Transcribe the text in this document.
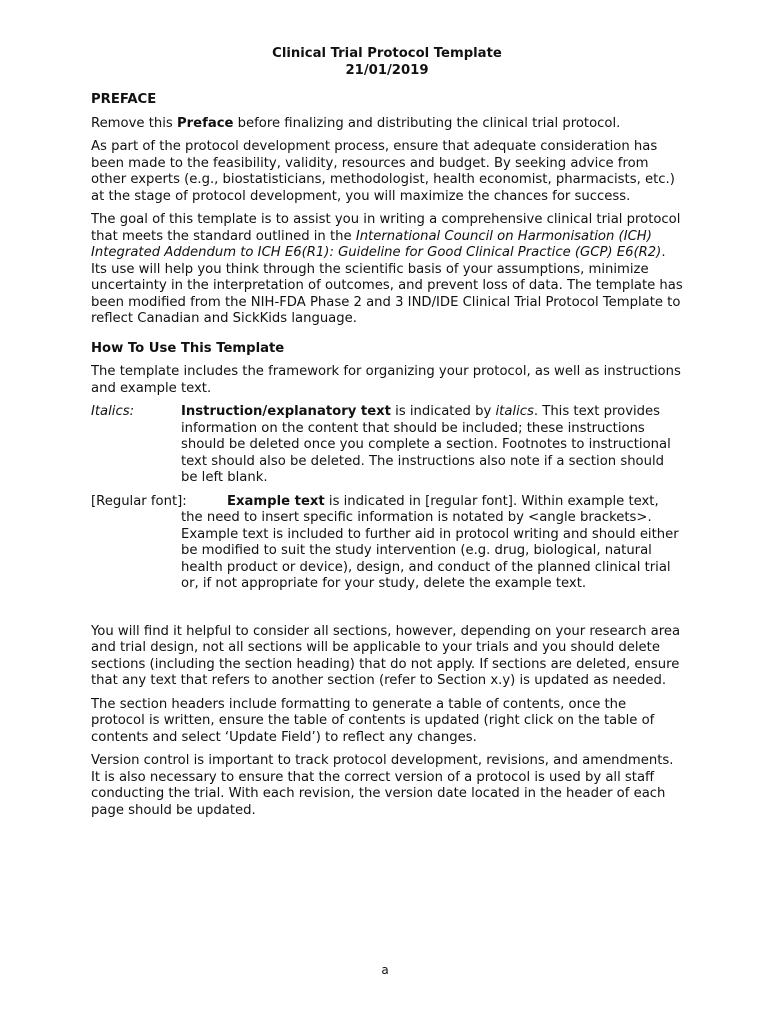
Clinical Trial Protocol Template
21/01/2019
PREFACE

Remove this Preface before finalizing and distributing the clinical trial protocol.

As part of the protocol development process, ensure that adequate consideration has been made to the feasibility, validity, resources and budget. By seeking advice from other experts (e.g., biostatisticians, methodologist, health economist, pharmacists, etc.) at the stage of protocol development, you will maximize the chances for success.

The goal of this template is to assist you in writing a comprehensive clinical trial protocol that meets the standard outlined in the International Council on Harmonisation (ICH) Integrated Addendum to ICH E6(R1): Guideline for Good Clinical Practice (GCP) E6(R2). Its use will help you think through the scientific basis of your assumptions, minimize uncertainty in the interpretation of outcomes, and prevent loss of data. The template has been modified from the NIH-FDA Phase 2 and 3 IND/IDE Clinical Trial Protocol Template to reflect Canadian and SickKids language.

How To Use This Template

The template includes the framework for organizing your protocol, as well as instructions and example text.

Italics:	Instruction/explanatory text is indicated by italics. This text provides information on the content that should be included; these instructions should be deleted once you complete a section. Footnotes to instructional text should also be deleted. The instructions also note if a section should be left blank.
[Regular font]:	Example text is indicated in [regular font]. Within example text, the need to insert specific information is notated by <angle brackets>. Example text is included to further aid in protocol writing and should either be modified to suit the study intervention (e.g. drug, biological, natural health product or device), design, and conduct of the planned clinical trial or, if not appropriate for your study, delete the example text.

You will find it helpful to consider all sections, however, depending on your research area and trial design, not all sections will be applicable to your trials and you should delete sections (including the section heading) that do not apply. If sections are deleted, ensure that any text that refers to another section (refer to Section x.y) is updated as needed.

The section headers include formatting to generate a table of contents, once the protocol is written, ensure the table of contents is updated (right click on the table of contents and select ‘Update Field’) to reflect any changes.

Version control is important to track protocol development, revisions, and amendments. It is also necessary to ensure that the correct version of a protocol is used by all staff conducting the trial. With each revision, the version date located in the header of each page should be updated.

a
